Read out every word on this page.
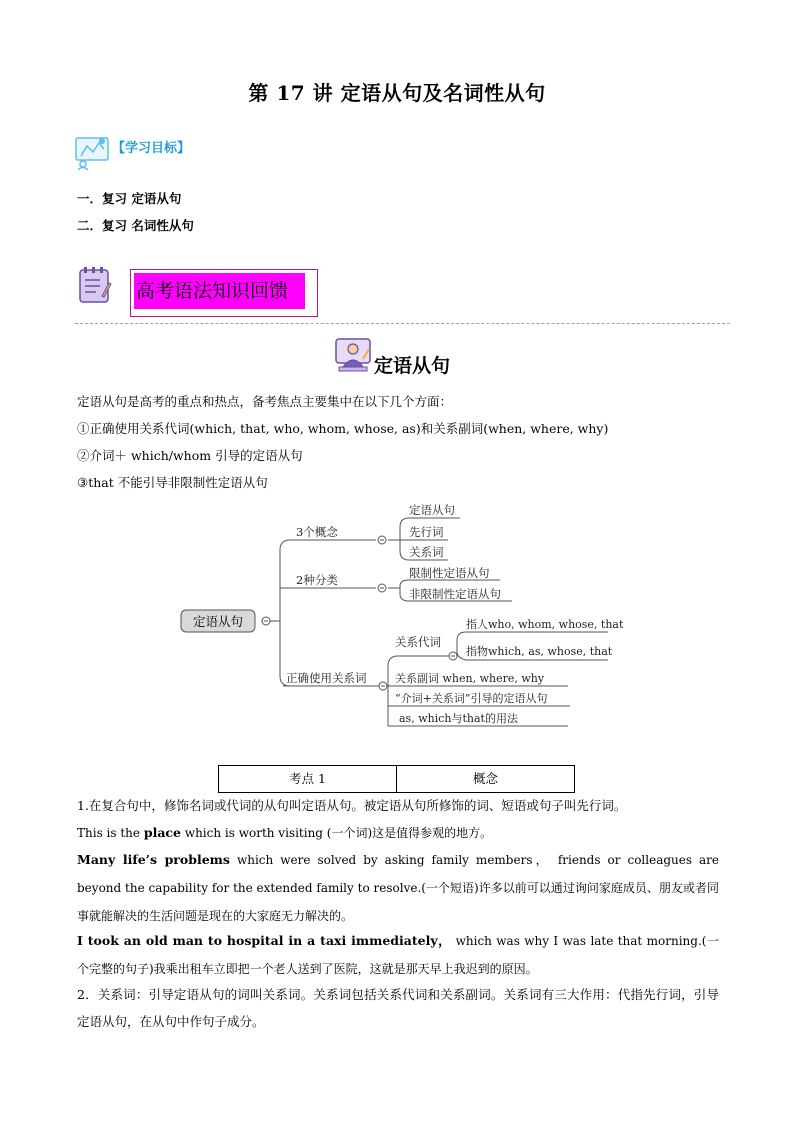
第 17 讲 定语从句及名词性从句
【学习目标】
一．复习 定语从句
二．复习 名词性从句
高考语法知识回馈
定语从句
定语从句是高考的重点和热点，备考焦点主要集中在以下几个方面：
①正确使用关系代词(which, that, who, whom, whose, as)和关系副词(when, where, why)
②介词＋ which/whom 引导的定语从句
③that 不能引导非限制性定语从句
定语从句
3个概念
2种分类
正确使用关系词
定语从句
先行词
关系词
限制性定语从句
非限制性定语从句
关系代词
指人who, whom, whose, that
指物which, as, whose, that
关系副词 when, where, why
“介词+关系词”引导的定语从句
as, which与that的用法
考点 1	概念
1.在复合句中，修饰名词或代词的从句叫定语从句。被定语从句所修饰的词、短语或句子叫先行词。
This is the place which is worth visiting (一个词)这是值得参观的地方。
Many life’s problems which were solved by asking family members， friends or colleagues are beyond the capability for the extended family to resolve.(一个短语)许多以前可以通过询问家庭成员、朋友或者同事就能解决的生活问题是现在的大家庭无力解决的。
I took an old man to hospital in a taxi immediately， which was why I was late that morning.(一个完整的句子)我乘出租车立即把一个老人送到了医院，这就是那天早上我迟到的原因。
2．关系词：引导定语从句的词叫关系词。关系词包括关系代词和关系副词。关系词有三大作用：代指先行词，引导定语从句，在从句中作句子成分。
